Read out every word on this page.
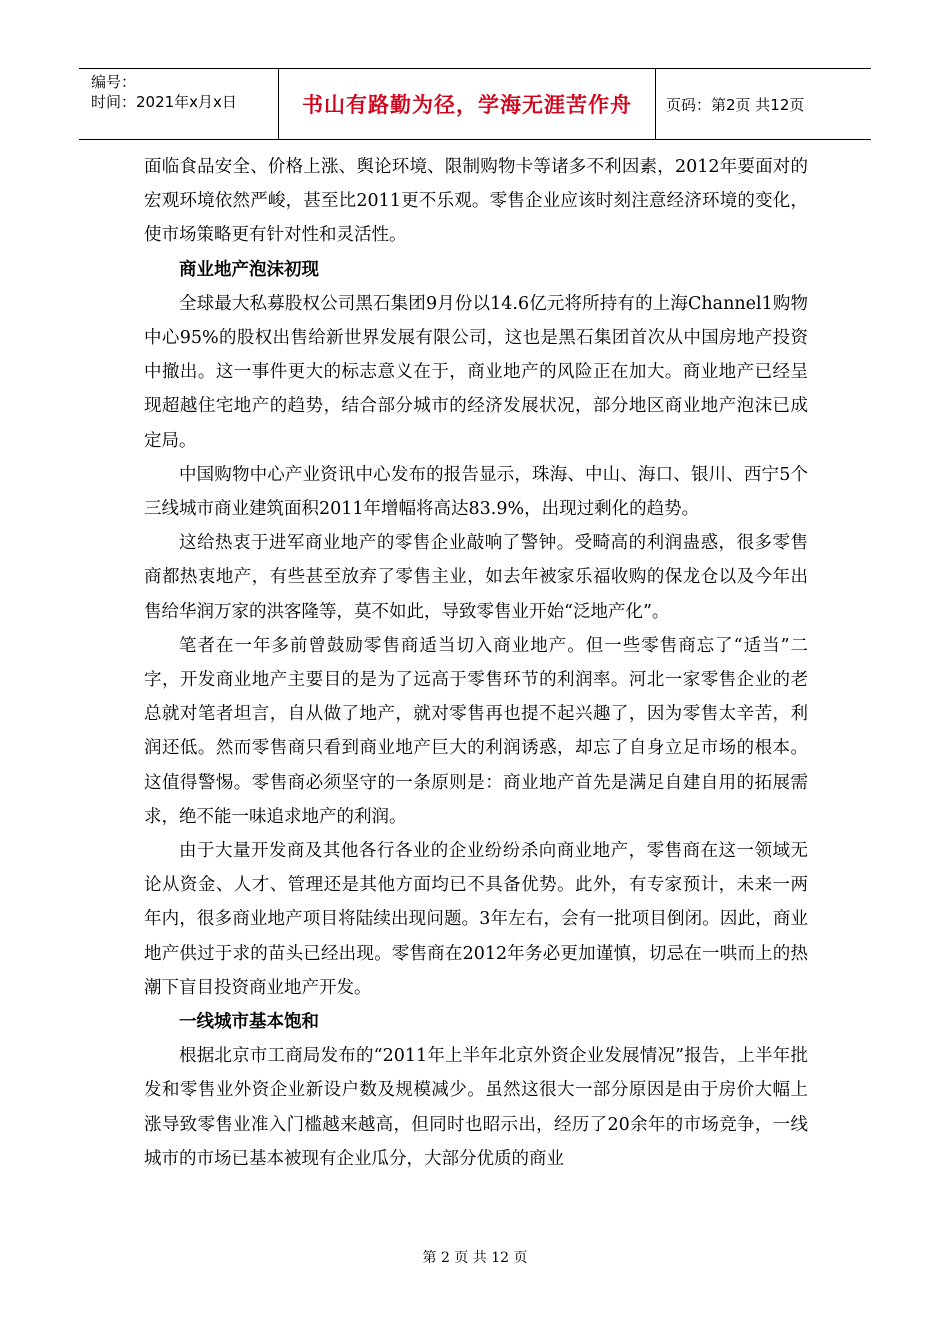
编号：
时间：2021年x月x日	书山有路勤为径，学海无涯苦作舟	页码：第2页 共12页

面临食品安全、价格上涨、舆论环境、限制购物卡等诸多不利因素，2012年要面对的宏观环境依然严峻，甚至比2011更不乐观。零售企业应该时刻注意经济环境的变化，使市场策略更有针对性和灵活性。

商业地产泡沫初现

全球最大私募股权公司黑石集团9月份以14.6亿元将所持有的上海Channel1购物中心95%的股权出售给新世界发展有限公司，这也是黑石集团首次从中国房地产投资中撤出。这一事件更大的标志意义在于，商业地产的风险正在加大。商业地产已经呈现超越住宅地产的趋势，结合部分城市的经济发展状况，部分地区商业地产泡沫已成定局。

中国购物中心产业资讯中心发布的报告显示，珠海、中山、海口、银川、西宁5个三线城市商业建筑面积2011年增幅将高达83.9%，出现过剩化的趋势。

这给热衷于进军商业地产的零售企业敲响了警钟。受畸高的利润蛊惑，很多零售商都热衷地产，有些甚至放弃了零售主业，如去年被家乐福收购的保龙仓以及今年出售给华润万家的洪客隆等，莫不如此，导致零售业开始“泛地产化”。

笔者在一年多前曾鼓励零售商适当切入商业地产。但一些零售商忘了“适当”二字，开发商业地产主要目的是为了远高于零售环节的利润率。河北一家零售企业的老总就对笔者坦言，自从做了地产，就对零售再也提不起兴趣了，因为零售太辛苦，利润还低。然而零售商只看到商业地产巨大的利润诱惑，却忘了自身立足市场的根本。这值得警惕。零售商必须坚守的一条原则是：商业地产首先是满足自建自用的拓展需求，绝不能一味追求地产的利润。

由于大量开发商及其他各行各业的企业纷纷杀向商业地产，零售商在这一领域无论从资金、人才、管理还是其他方面均已不具备优势。此外，有专家预计，未来一两年内，很多商业地产项目将陆续出现问题。3年左右，会有一批项目倒闭。因此，商业地产供过于求的苗头已经出现。零售商在2012年务必更加谨慎，切忌在一哄而上的热潮下盲目投资商业地产开发。

一线城市基本饱和

根据北京市工商局发布的“2011年上半年北京外资企业发展情况”报告，上半年批发和零售业外资企业新设户数及规模减少。虽然这很大一部分原因是由于房价大幅上涨导致零售业准入门槛越来越高，但同时也昭示出，经历了20余年的市场竞争，一线城市的市场已基本被现有企业瓜分，大部分优质的商业

第 2 页 共 12 页
